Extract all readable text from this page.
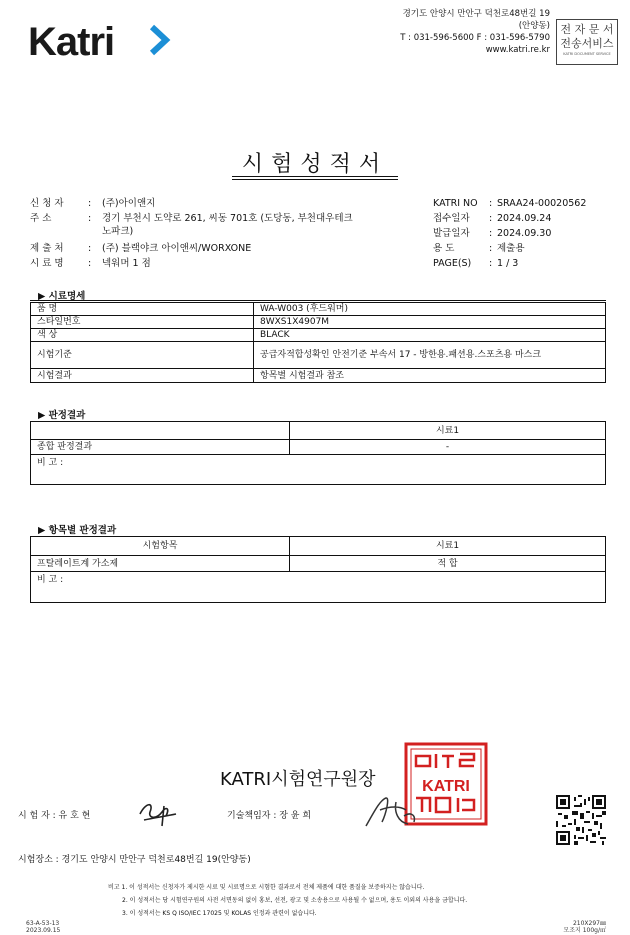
Katri
경기도 안양시 만안구 덕천로48번길 19
(안양동)
T : 031-596-5600 F : 031-596-5790
www.katri.re.kr
전 자 문 서
전송서비스
KATRI DOCUMENT SERVICE
시험성적서
신 청 자	: (주)아이앤지
주 소	: 경기 부천시 도약로 261, 씨동 701호 (도당동, 부천대우테크
노파크)
제 출 처	: (주) 블랙야크 아이앤씨/WORXONE
시 료 명	: 넥워머 1 점
KATRI NO : SRAA24-00020562
접수일자 : 2024.09.24
발급일자 : 2024.09.30
용 도	: 제출용
PAGE(S) : 1 / 3
▶ 시료명세
품 명	WA-W003 (후드워머)
스타일번호	8WXS1X4907M
색 상	BLACK
시험기준	공급자적합성확인 안전기준 부속서 17 - 방한용.패션용.스포츠용 마스크
시험결과	항목별 시험결과 참조
▶ 판정결과
	시료1
종합 판정결과	-
비 고 :	
▶ 항목별 판정결과
시험항목	시료1
프탈레이트계 가소제	적 합
비 고 :	
KATRI시험연구원장	KATRI
시 험 자 : 유 호 현	기술책임자 : 장 윤 희
시험장소 : 경기도 안양시 만안구 덕천로48번길 19(안양동)
비고 1. 이 성적서는 신청자가 제시한 시료 및 시료명으로 시험한 결과로서 전체 제품에 대한 품질을 보증하지는 않습니다.
2. 이 성적서는 당 시험연구원의 사전 서면동의 없이 홍보, 선전, 광고 및 소송용으로 사용될 수 없으며, 용도 이외의 사용을 금합니다.
3. 이 성적서는 KS Q ISO/IEC 17025 및 KOLAS 인정과 관련이 없습니다.
63-A-53-13
2023.09.15
210X297㎜
모조지 100g/㎡
